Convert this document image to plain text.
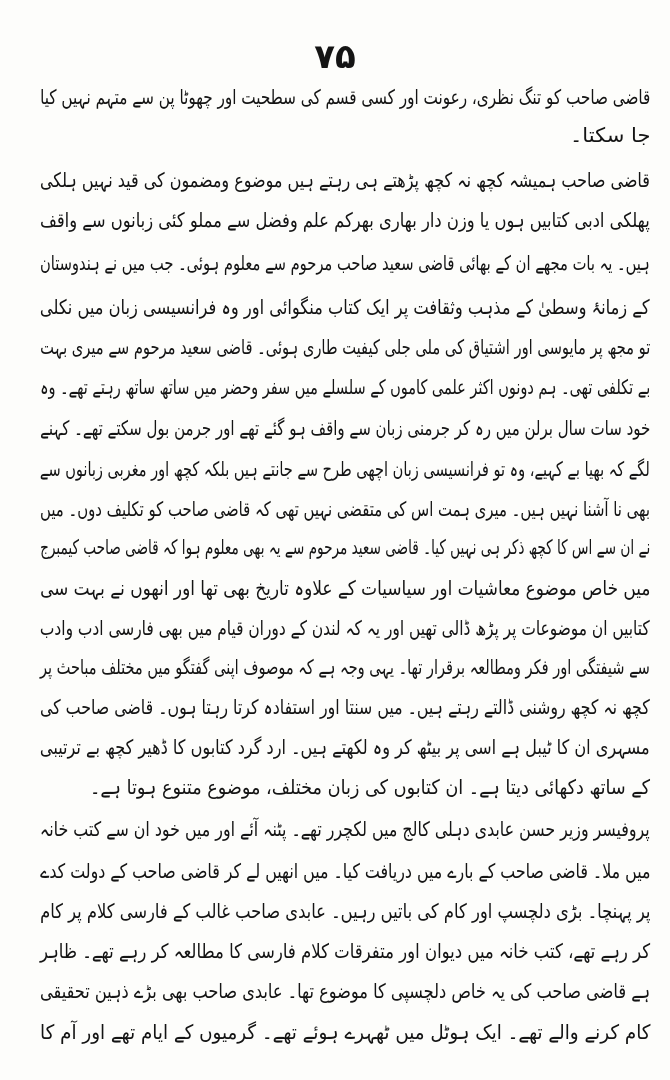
۷۵
قاضی صاحب کو تنگ نظری، رعونت اور کسی قسم کی سطحیت اور چھوٹا پن سے متہم نہیں کیا
جا سکتا۔
قاضی صاحب ہمیشہ کچھ نہ کچھ پڑھتے ہی رہتے ہیں موضوع ومضمون کی قید نہیں ہلکی
پھلکی ادبی کتابیں ہوں یا وزن دار بھاری بھرکم علم وفضل سے مملو کئی زبانوں سے واقف
ہیں۔ یہ بات مجھے ان کے بھائی قاضی سعید صاحب مرحوم سے معلوم ہوئی۔ جب میں نے ہندوستان
کے زمانۂ وسطیٰ کے مذہب وثقافت پر ایک کتاب منگوائی اور وہ فرانسیسی زبان میں نکلی
تو مجھ پر مایوسی اور اشتیاق کی ملی جلی کیفیت طاری ہوئی۔ قاضی سعید مرحوم سے میری بہت
بے تکلفی تھی۔ ہم دونوں اکثر علمی کاموں کے سلسلے میں سفر وحضر میں ساتھ ساتھ رہتے تھے۔ وہ
خود سات سال برلن میں رہ کر جرمنی زبان سے واقف ہو گئے تھے اور جرمن بول سکتے تھے۔ کہنے
لگے کہ بھیا بے کہیے، وہ تو فرانسیسی زبان اچھی طرح سے جانتے ہیں بلکہ کچھ اور مغربی زبانوں سے
بھی نا آشنا نہیں ہیں۔ میری ہمت اس کی متقضی نہیں تھی کہ قاضی صاحب کو تکلیف دوں۔ میں
نے ان سے اس کا کچھ ذکر ہی نہیں کیا۔ قاضی سعید مرحوم سے یہ بھی معلوم ہوا کہ قاضی صاحب کیمبرج
میں خاص موضوع معاشیات اور سیاسیات کے علاوہ تاریخ بھی تھا اور انھوں نے بہت سی
کتابیں ان موضوعات پر پڑھ ڈالی تھیں اور یہ کہ لندن کے دوران قیام میں بھی فارسی ادب وادب
سے شیفتگی اور فکر ومطالعہ برقرار تھا۔ یہی وجہ ہے کہ موصوف اپنی گفتگو میں مختلف مباحث پر
کچھ نہ کچھ روشنی ڈالتے رہتے ہیں۔ میں سنتا اور استفادہ کرتا رہتا ہوں۔ قاضی صاحب کی
مسہری ان کا ٹیبل ہے اسی پر بیٹھ کر وہ لکھتے ہیں۔ ارد گرد کتابوں کا ڈھیر کچھ بے ترتیبی
کے ساتھ دکھائی دیتا ہے۔ ان کتابوں کی زبان مختلف، موضوع متنوع ہوتا ہے۔
پروفیسر وزیر حسن عابدی دہلی کالج میں لکچرر تھے۔ پٹنہ آئے اور میں خود ان سے کتب خانہ
میں ملا۔ قاضی صاحب کے بارے میں دریافت کیا۔ میں انھیں لے کر قاضی صاحب کے دولت کدے
پر پہنچا۔ بڑی دلچسپ اور کام کی باتیں رہیں۔ عابدی صاحب غالب کے فارسی کلام پر کام
کر رہے تھے، کتب خانہ میں دیوان اور متفرقات کلام فارسی کا مطالعہ کر رہے تھے۔ ظاہر
ہے قاضی صاحب کی یہ خاص دلچسپی کا موضوع تھا۔ عابدی صاحب بھی بڑے ذہین تحقیقی
کام کرنے والے تھے۔ ایک ہوٹل میں ٹھہرے ہوئے تھے۔ گرمیوں کے ایام تھے اور آم کا
